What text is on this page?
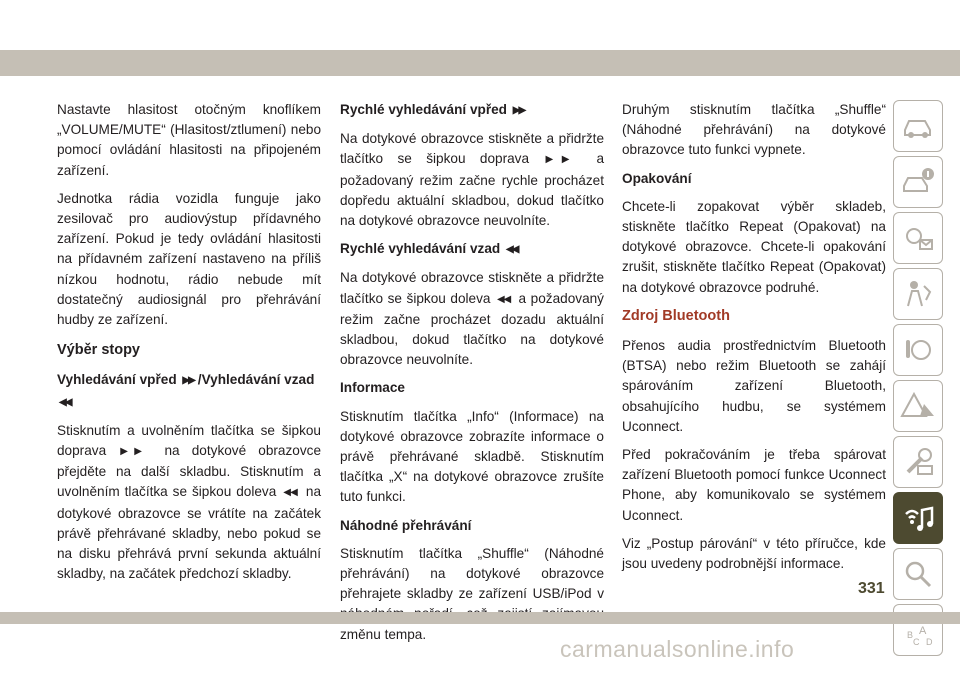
Nastavte hlasitost otočným knoflíkem „VOLUME/MUTE“ (Hlasitost/ztlumení) nebo pomocí ovládání hlasitosti na připojeném zařízení.

Jednotka rádia vozidla funguje jako zesilovač pro audiovýstup přídavného zařízení. Pokud je tedy ovládání hlasitosti na přídavném zařízení nastaveno na příliš nízkou hodnotu, rádio nebude mít dostatečný audiosignál pro přehrávání hudby ze zařízení.

Výběr stopy

Vyhledávání vpřed ▶▶ /Vyhledávání vzad
◀◀

Stisknutím a uvolněním tlačítka se šipkou doprava ▶▶ na dotykové obrazovce přejděte na další skladbu. Stisknutím a uvolněním tlačítka se šipkou doleva ◀◀ na dotykové obrazovce se vrátíte na začátek právě přehrávané skladby, nebo pokud se na disku přehrává první sekunda aktuální skladby, na začátek předchozí skladby.

Rychlé vyhledávání vpřed ▶▶

Na dotykové obrazovce stiskněte a přidržte tlačítko se šipkou doprava ▶▶ a požadovaný režim začne rychle procházet dopředu aktuální skladbou, dokud tlačítko na dotykové obrazovce neuvolníte.

Rychlé vyhledávání vzad ◀◀

Na dotykové obrazovce stiskněte a přidržte tlačítko se šipkou doleva ◀◀ a požadovaný režim začne procházet dozadu aktuální skladbou, dokud tlačítko na dotykové obrazovce neuvolníte.

Informace

Stisknutím tlačítka „Info“ (Informace) na dotykové obrazovce zobrazíte informace o právě přehrávané skladbě. Stisknutím tlačítka „X“ na dotykové obrazovce zrušíte tuto funkci.

Náhodné přehrávání

Stisknutím tlačítka „Shuffle“ (Náhodné přehrávání) na dotykové obrazovce přehrajete skladby ze zařízení USB/iPod v změnu tempa.

Druhým stisknutím tlačítka „Shuffle“ (Náhodné přehrávání) na dotykové obrazovce tuto funkci vypnete.

Opakování

Chcete-li zopakovat výběr skladeb, stiskněte tlačítko Repeat (Opakovat) na dotykové obrazovce. Chcete-li opakování zrušit, stiskněte tlačítko Repeat (Opakovat) na dotykové obrazovce podruhé.

Zdroj Bluetooth

Přenos audia prostřednictvím Bluetooth (BTSA) nebo režim Bluetooth se zahájí spárováním zařízení Bluetooth, obsahujícího hudbu, se systémem Uconnect.

Před pokračováním je třeba spárovat zařízení Bluetooth pomocí funkce Uconnect Phone, aby komunikovalo se systémem Uconnect.

Viz „Postup párování“ v této příručce, kde jsou uvedeny podrobnější informace.

A
B
C D
331
carmanualsonline.info
